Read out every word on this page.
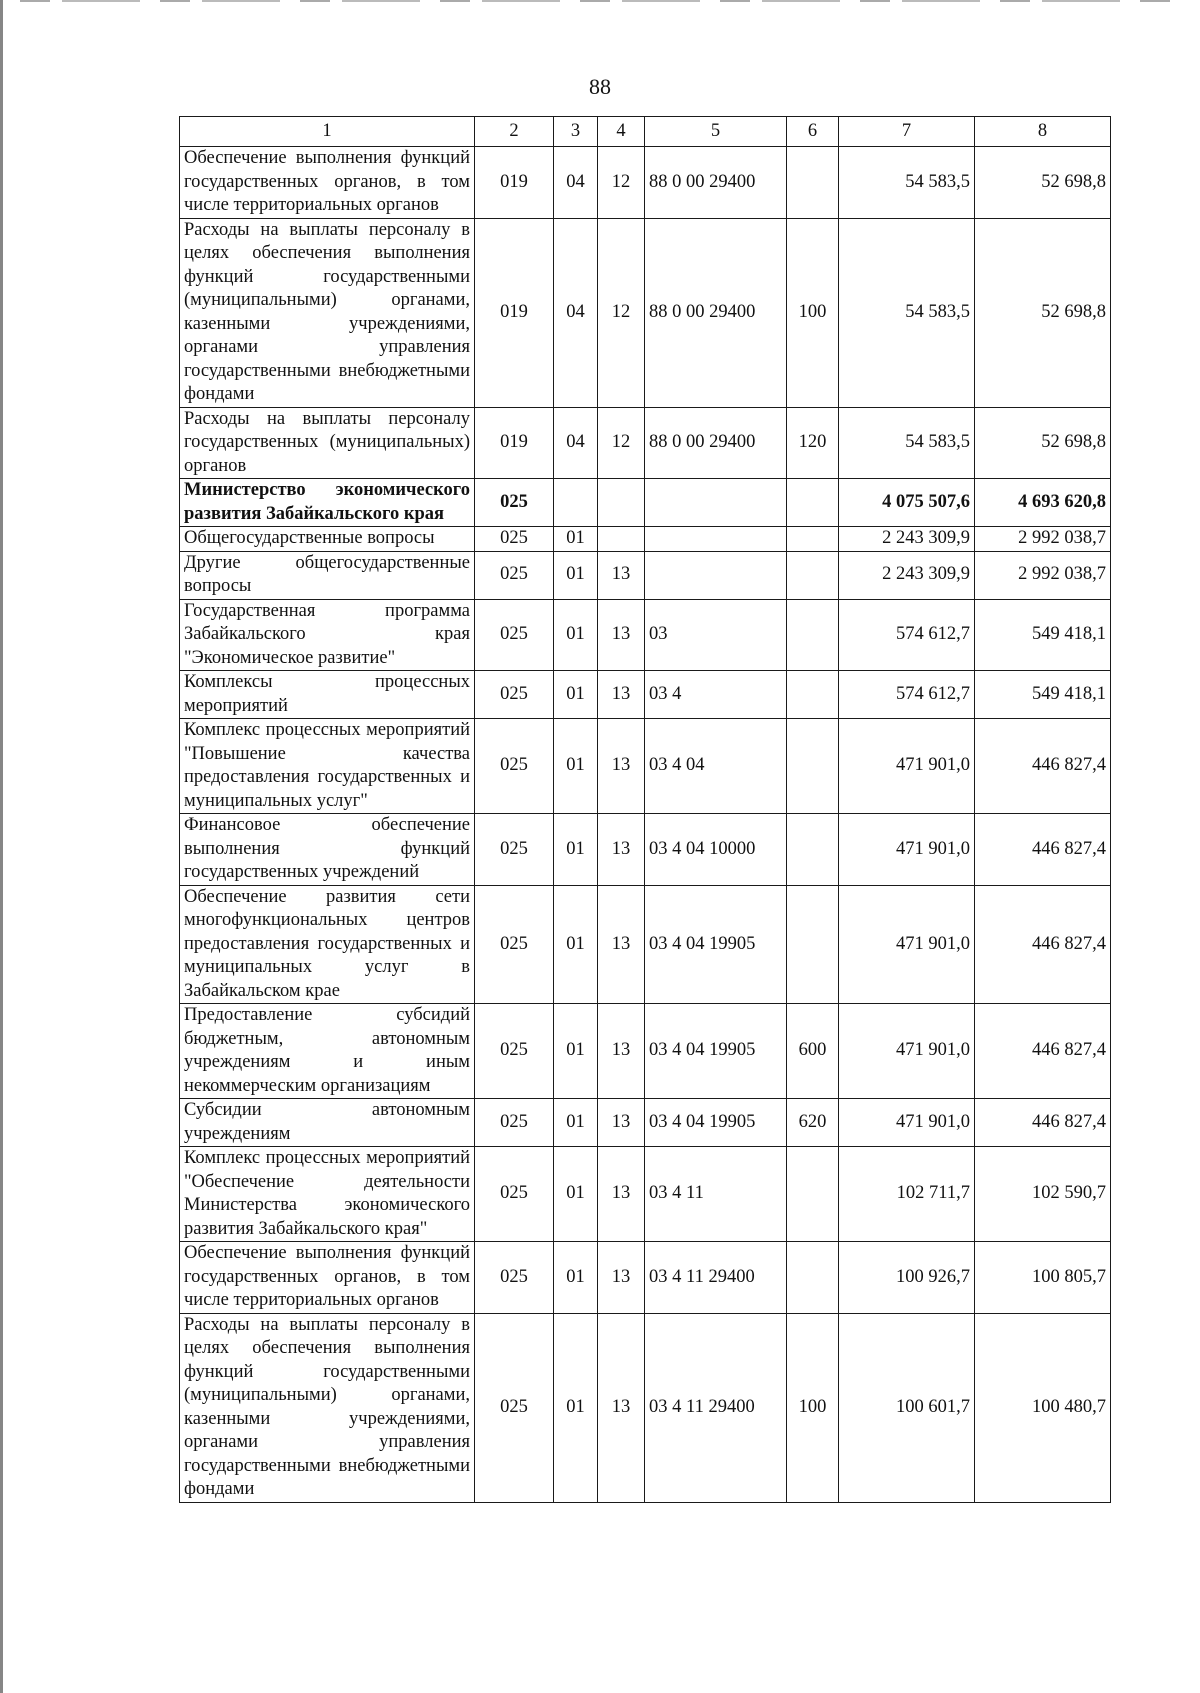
88
1	2	3	4	5	6	7	8
Обеспечение выполнения функций государственных органов, в том числе территориальных органов	019	04	12	88 0 00 29400		54 583,5	52 698,8
Расходы на выплаты персоналу в целях обеспечения выполнения функций государственными (муниципальными) органами, казенными учреждениями, органами управления государственными внебюджетными фондами	019	04	12	88 0 00 29400	100	54 583,5	52 698,8
Расходы на выплаты персоналу государственных (муниципальных) органов	019	04	12	88 0 00 29400	120	54 583,5	52 698,8
Министерство экономического развития Забайкальского края	025					4 075 507,6	4 693 620,8
Общегосударственные вопросы	025	01				2 243 309,9	2 992 038,7
Другие общегосударственные вопросы	025	01	13			2 243 309,9	2 992 038,7
Государственная программа Забайкальского края "Экономическое развитие"	025	01	13	03		574 612,7	549 418,1
Комплексы процессных мероприятий	025	01	13	03 4		574 612,7	549 418,1
Комплекс процессных мероприятий "Повышение качества предоставления государственных и муниципальных услуг"	025	01	13	03 4 04		471 901,0	446 827,4
Финансовое обеспечение выполнения функций государственных учреждений	025	01	13	03 4 04 10000		471 901,0	446 827,4
Обеспечение развития сети многофункциональных центров предоставления государственных и муниципальных услуг в Забайкальском крае	025	01	13	03 4 04 19905		471 901,0	446 827,4
Предоставление субсидий бюджетным, автономным учреждениям и иным некоммерческим организациям	025	01	13	03 4 04 19905	600	471 901,0	446 827,4
Субсидии автономным учреждениям	025	01	13	03 4 04 19905	620	471 901,0	446 827,4
Комплекс процессных мероприятий "Обеспечение деятельности Министерства экономического развития Забайкальского края"	025	01	13	03 4 11		102 711,7	102 590,7
Обеспечение выполнения функций государственных органов, в том числе территориальных органов	025	01	13	03 4 11 29400		100 926,7	100 805,7
Расходы на выплаты персоналу в целях обеспечения выполнения функций государственными (муниципальными) органами, казенными учреждениями, органами управления государственными внебюджетными фондами	025	01	13	03 4 11 29400	100	100 601,7	100 480,7
